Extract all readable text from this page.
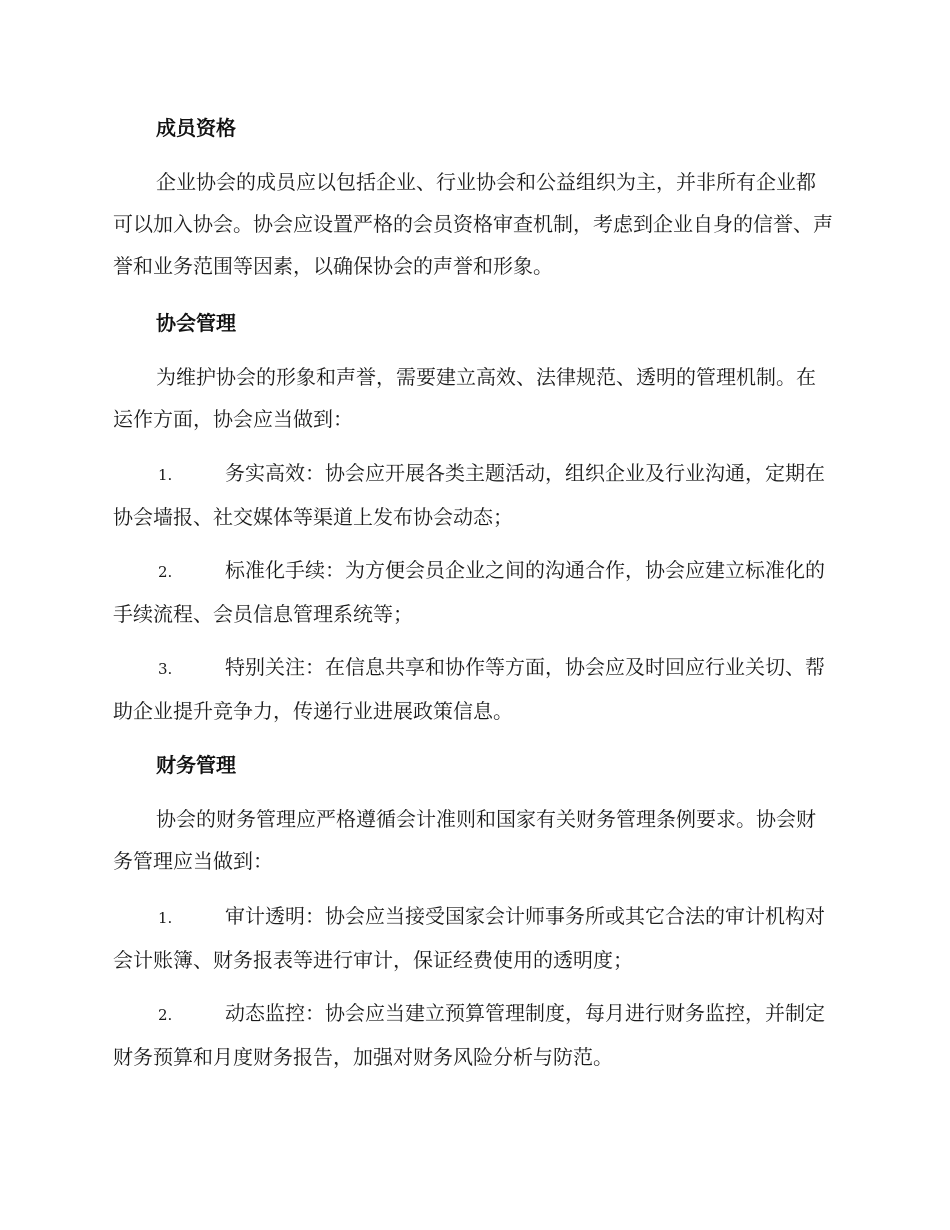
成员资格

企业协会的成员应以包括企业、行业协会和公益组织为主，并非所有企业都可以加入协会。协会应设置严格的会员资格审查机制，考虑到企业自身的信誉、声誉和业务范围等因素，以确保协会的声誉和形象。

协会管理

为维护协会的形象和声誉，需要建立高效、法律规范、透明的管理机制。在运作方面，协会应当做到：

1.	务实高效：协会应开展各类主题活动，组织企业及行业沟通，定期在协会墙报、社交媒体等渠道上发布协会动态；

2.	标准化手续：为方便会员企业之间的沟通合作，协会应建立标准化的手续流程、会员信息管理系统等；

3.	特别关注：在信息共享和协作等方面，协会应及时回应行业关切、帮助企业提升竞争力，传递行业进展政策信息。

财务管理

协会的财务管理应严格遵循会计准则和国家有关财务管理条例要求。协会财务管理应当做到：

1.	审计透明：协会应当接受国家会计师事务所或其它合法的审计机构对会计账簿、财务报表等进行审计，保证经费使用的透明度；

2.	动态监控：协会应当建立预算管理制度，每月进行财务监控，并制定财务预算和月度财务报告，加强对财务风险分析与防范。
